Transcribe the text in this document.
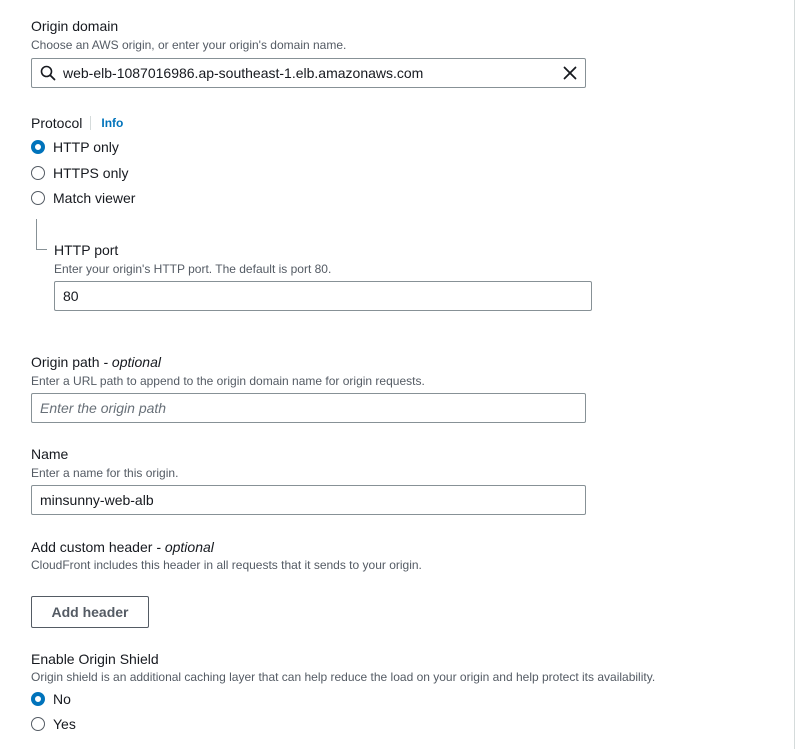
Origin domain
Choose an AWS origin, or enter your origin's domain name.
web-elb-1087016986.ap-southeast-1.elb.amazonaws.com
Protocol Info
HTTP only
HTTPS only
Match viewer
HTTP port
Enter your origin's HTTP port. The default is port 80.
80
Origin path - optional
Enter a URL path to append to the origin domain name for origin requests.
Enter the origin path
Name
Enter a name for this origin.
minsunny-web-alb
Add custom header - optional
CloudFront includes this header in all requests that it sends to your origin.
Add header
Enable Origin Shield
Origin shield is an additional caching layer that can help reduce the load on your origin and help protect its availability.
No
Yes
